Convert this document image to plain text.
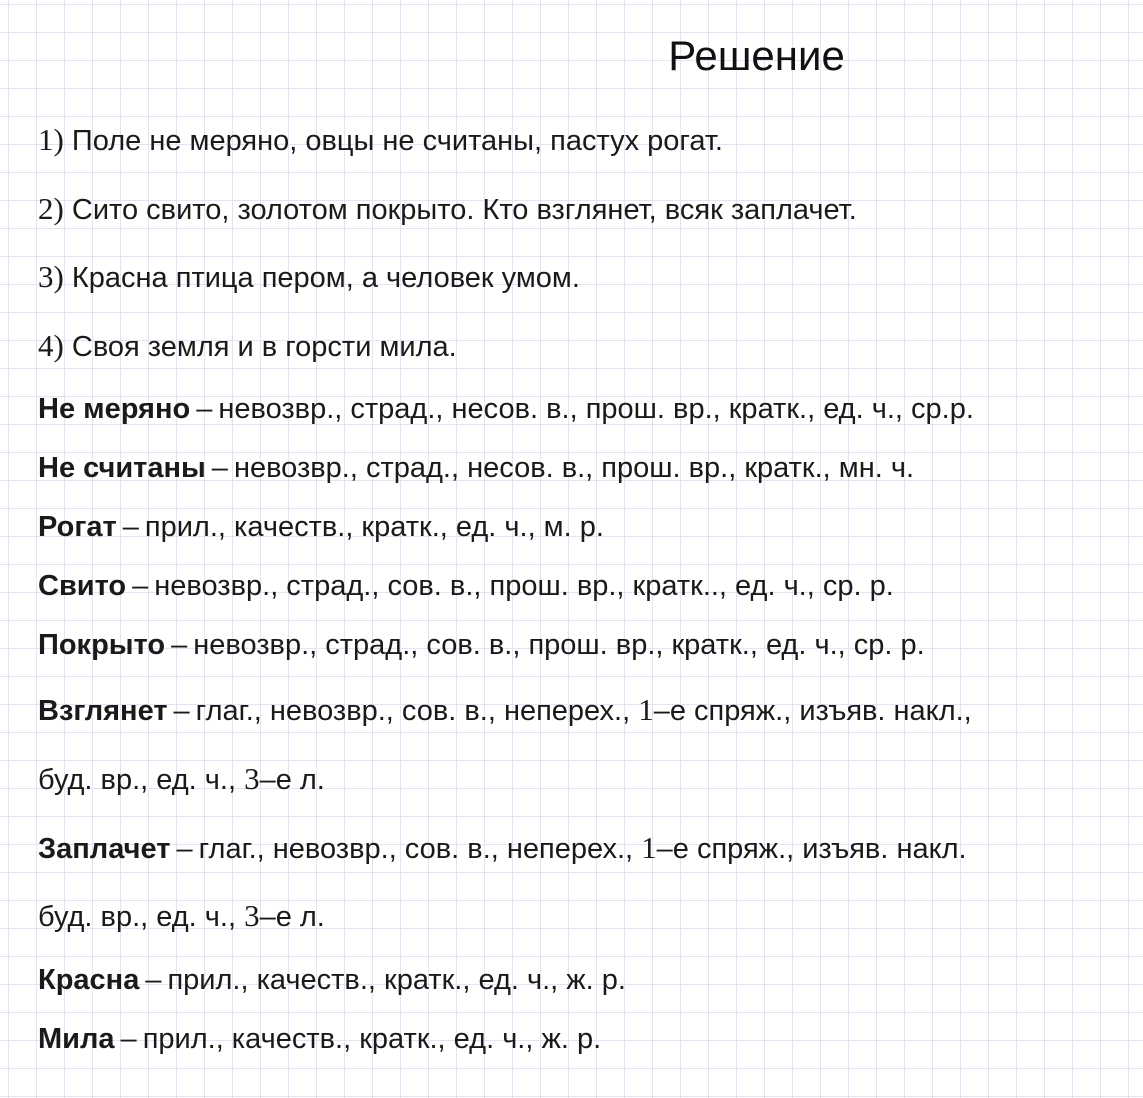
Решение
1) Поле не меряно, овцы не считаны, пастух рогат.
2) Сито свито, золотом покрыто. Кто взглянет, всяк заплачет.
3) Красна птица пером, а человек умом.
4) Своя земля и в горсти мила.
Не меряно – невозвр., страд., несов. в., прош. вр., кратк., ед. ч., ср.р.
Не считаны – невозвр., страд., несов. в., прош. вр., кратк., мн. ч.
Рогат – прил., качеств., кратк., ед. ч., м. р.
Свито – невозвр., страд., сов. в., прош. вр., кратк.., ед. ч., ср. р.
Покрыто – невозвр., страд., сов. в., прош. вр., кратк., ед. ч., ср. р.
Взглянет – глаг., невозвр., сов. в., неперех., 1–е спряж., изъяв. накл.,
буд. вр., ед. ч., 3–е л.
Заплачет – глаг., невозвр., сов. в., неперех., 1–е спряж., изъяв. накл.
буд. вр., ед. ч., 3–е л.
Красна – прил., качеств., кратк., ед. ч., ж. р.
Мила – прил., качеств., кратк., ед. ч., ж. р.
